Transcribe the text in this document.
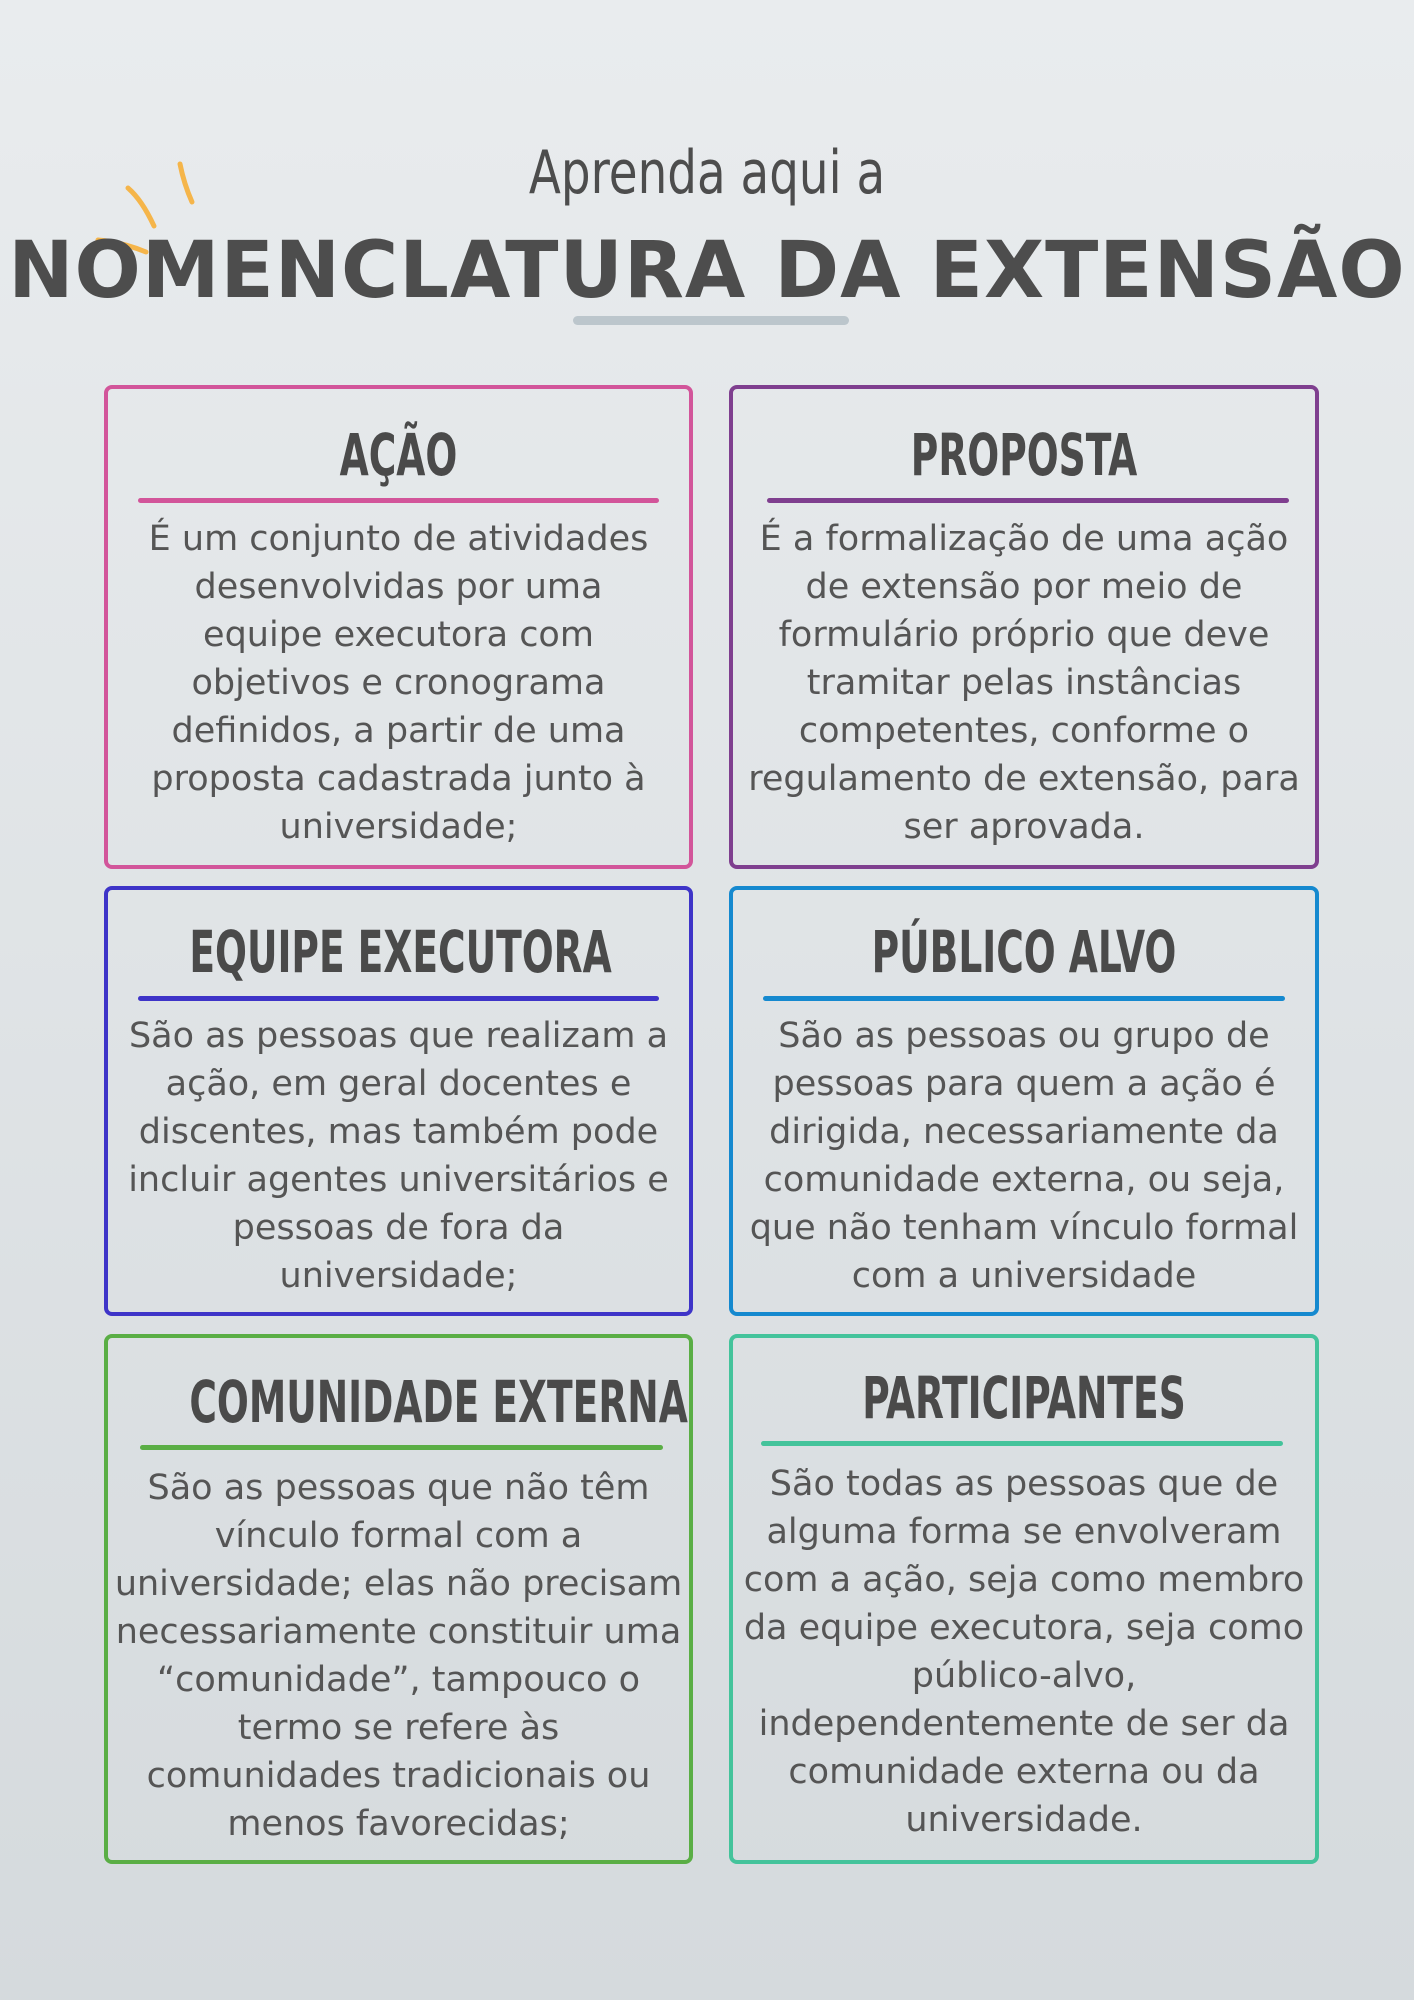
Aprenda aqui a
NOMENCLATURA DA EXTENSÃO
AÇÃO
É um conjunto de atividades
desenvolvidas por uma
equipe executora com
objetivos e cronograma
definidos, a partir de uma
proposta cadastrada junto à
universidade;
PROPOSTA
É a formalização de uma ação
de extensão por meio de
formulário próprio que deve
tramitar pelas instâncias
competentes, conforme o
regulamento de extensão, para
ser aprovada.
EQUIPE EXECUTORA
São as pessoas que realizam a
ação, em geral docentes e
discentes, mas também pode
incluir agentes universitários e
pessoas de fora da
universidade;
PÚBLICO ALVO
São as pessoas ou grupo de
pessoas para quem a ação é
dirigida, necessariamente da
comunidade externa, ou seja,
que não tenham vínculo formal
com a universidade
COMUNIDADE EXTERNA
São as pessoas que não têm
vínculo formal com a
universidade; elas não precisam
necessariamente constituir uma
“comunidade”, tampouco o
termo se refere às
comunidades tradicionais ou
menos favorecidas;
PARTICIPANTES
São todas as pessoas que de
alguma forma se envolveram
com a ação, seja como membro
da equipe executora, seja como
público-alvo,
independentemente de ser da
comunidade externa ou da
universidade.
